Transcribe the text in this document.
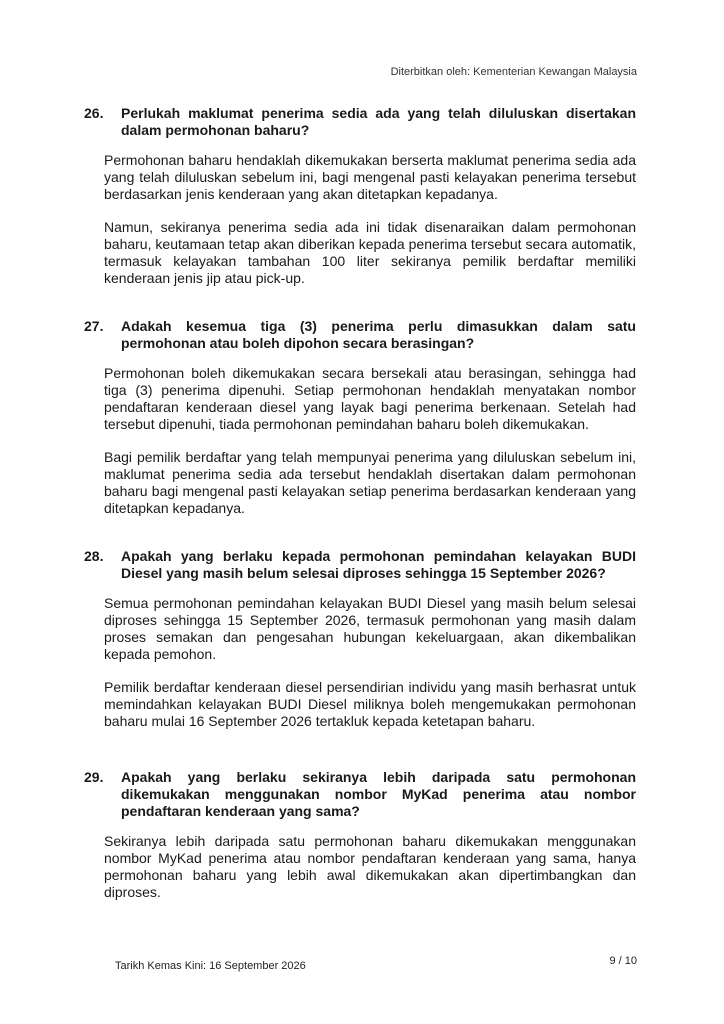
Diterbitkan oleh: Kementerian Kewangan Malaysia
26.	Perlukah maklumat penerima sedia ada yang telah diluluskan disertakan dalam permohonan baharu?

Permohonan baharu hendaklah dikemukakan berserta maklumat penerima sedia ada yang telah diluluskan sebelum ini, bagi mengenal pasti kelayakan penerima tersebut berdasarkan jenis kenderaan yang akan ditetapkan kepadanya.

Namun, sekiranya penerima sedia ada ini tidak disenaraikan dalam permohonan baharu, keutamaan tetap akan diberikan kepada penerima tersebut secara automatik, termasuk kelayakan tambahan 100 liter sekiranya pemilik berdaftar memiliki kenderaan jenis jip atau pick-up.

27.	Adakah kesemua tiga (3) penerima perlu dimasukkan dalam satu permohonan atau boleh dipohon secara berasingan?

Permohonan boleh dikemukakan secara bersekali atau berasingan, sehingga had tiga (3) penerima dipenuhi. Setiap permohonan hendaklah menyatakan nombor pendaftaran kenderaan diesel yang layak bagi penerima berkenaan. Setelah had tersebut dipenuhi, tiada permohonan pemindahan baharu boleh dikemukakan.

Bagi pemilik berdaftar yang telah mempunyai penerima yang diluluskan sebelum ini, maklumat penerima sedia ada tersebut hendaklah disertakan dalam permohonan baharu bagi mengenal pasti kelayakan setiap penerima berdasarkan kenderaan yang ditetapkan kepadanya.

28.	Apakah yang berlaku kepada permohonan pemindahan kelayakan BUDI Diesel yang masih belum selesai diproses sehingga 15 September 2026?

Semua permohonan pemindahan kelayakan BUDI Diesel yang masih belum selesai diproses sehingga 15 September 2026, termasuk permohonan yang masih dalam proses semakan dan pengesahan hubungan kekeluargaan, akan dikembalikan kepada pemohon.

Pemilik berdaftar kenderaan diesel persendirian individu yang masih berhasrat untuk memindahkan kelayakan BUDI Diesel miliknya boleh mengemukakan permohonan baharu mulai 16 September 2026 tertakluk kepada ketetapan baharu.

29.	Apakah yang berlaku sekiranya lebih daripada satu permohonan dikemukakan menggunakan nombor MyKad penerima atau nombor pendaftaran kenderaan yang sama?

Sekiranya lebih daripada satu permohonan baharu dikemukakan menggunakan nombor MyKad penerima atau nombor pendaftaran kenderaan yang sama, hanya permohonan baharu yang lebih awal dikemukakan akan dipertimbangkan dan diproses.

Tarikh Kemas Kini: 16 September 2026	9 / 10
